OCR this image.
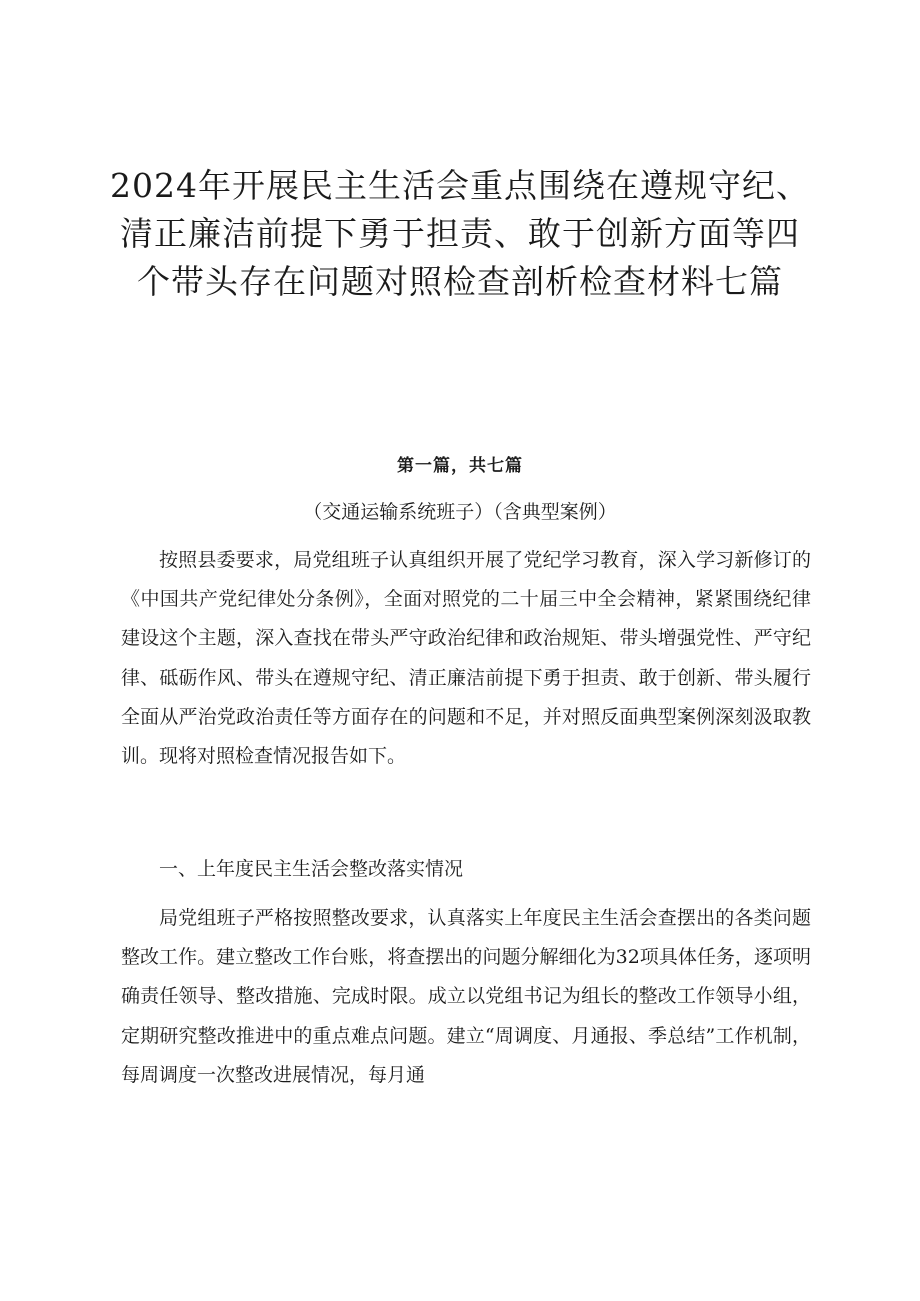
2024年开展民主生活会重点围绕在遵规守纪、清正廉洁前提下勇于担责、敢于创新方面等四个带头存在问题对照检查剖析检查材料七篇
第一篇，共七篇
（交通运输系统班子）（含典型案例）

按照县委要求，局党组班子认真组织开展了党纪学习教育，深入学习新修订的《中国共产党纪律处分条例》，全面对照党的二十届三中全会精神，紧紧围绕纪律建设这个主题，深入查找在带头严守政治纪律和政治规矩、带头增强党性、严守纪律、砥砺作风、带头在遵规守纪、清正廉洁前提下勇于担责、敢于创新、带头履行全面从严治党政治责任等方面存在的问题和不足，并对照反面典型案例深刻汲取教训。现将对照检查情况报告如下。

一、上年度民主生活会整改落实情况

局党组班子严格按照整改要求，认真落实上年度民主生活会查摆出的各类问题整改工作。建立整改工作台账，将查摆出的问题分解细化为32项具体任务，逐项明确责任领导、整改措施、完成时限。成立以党组书记为组长的整改工作领导小组，定期研究整改推进中的重点难点问题。建立“周调度、月通报、季总结”工作机制，每周调度一次整改进展情况，每月通
